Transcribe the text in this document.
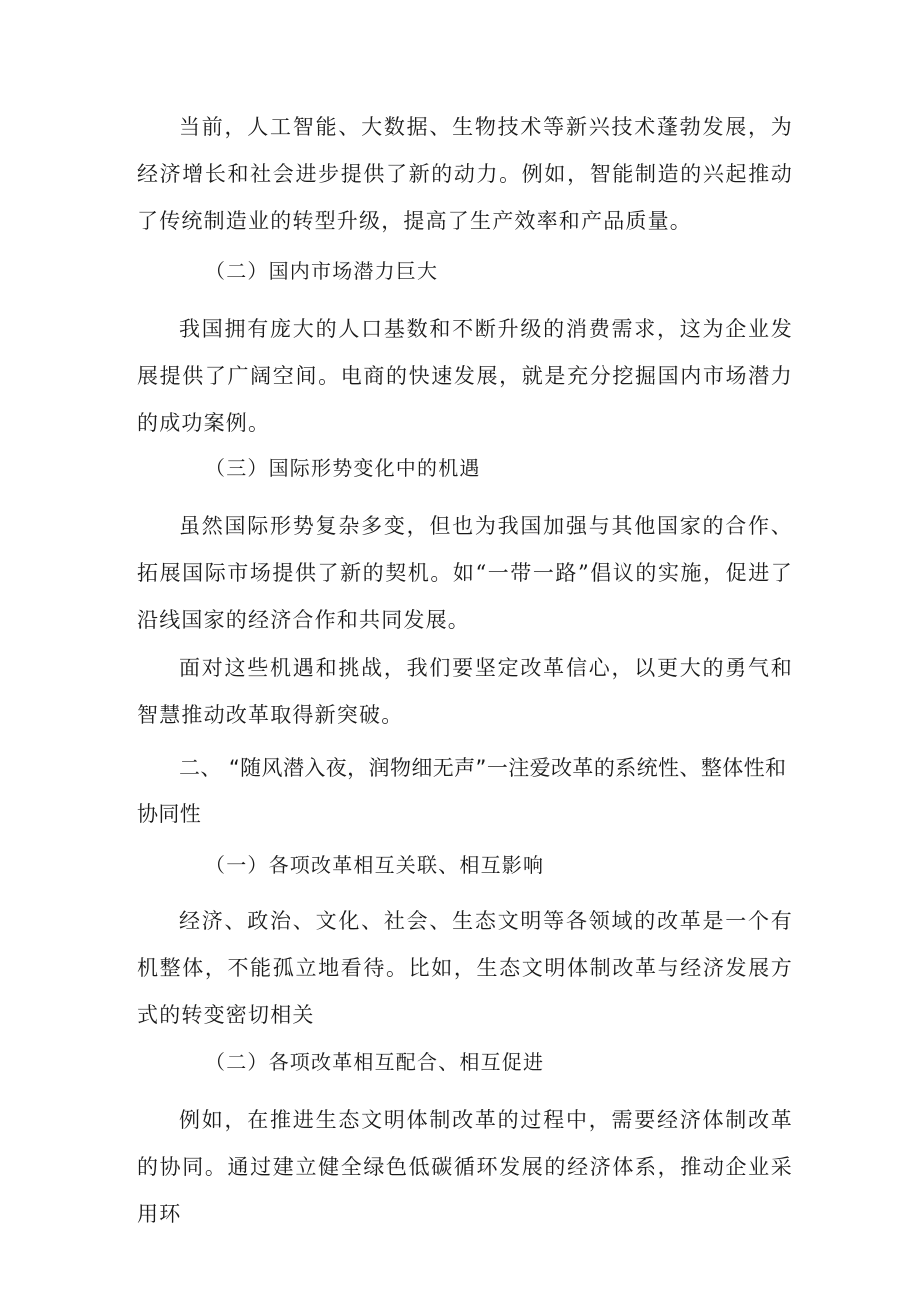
当前，人工智能、大数据、生物技术等新兴技术蓬勃发展，为经济增长和社会进步提供了新的动力。例如，智能制造的兴起推动了传统制造业的转型升级，提高了生产效率和产品质量。

（二）国内市场潜力巨大

我国拥有庞大的人口基数和不断升级的消费需求，这为企业发展提供了广阔空间。电商的快速发展，就是充分挖掘国内市场潜力的成功案例。

（三）国际形势变化中的机遇

虽然国际形势复杂多变，但也为我国加强与其他国家的合作、拓展国际市场提供了新的契机。如“一带一路”倡议的实施，促进了沿线国家的经济合作和共同发展。

面对这些机遇和挑战，我们要坚定改革信心，以更大的勇气和智慧推动改革取得新突破。

二、 “随风潜入夜，润物细无声”一注爱改革的系统性、整体性和协同性

（一）各项改革相互关联、相互影响

经济、政治、文化、社会、生态文明等各领域的改革是一个有机整体，不能孤立地看待。比如，生态文明体制改革与经济发展方式的转变密切相关

（二）各项改革相互配合、相互促进

例如，在推进生态文明体制改革的过程中，需要经济体制改革的协同。通过建立健全绿色低碳循环发展的经济体系，推动企业采用环
